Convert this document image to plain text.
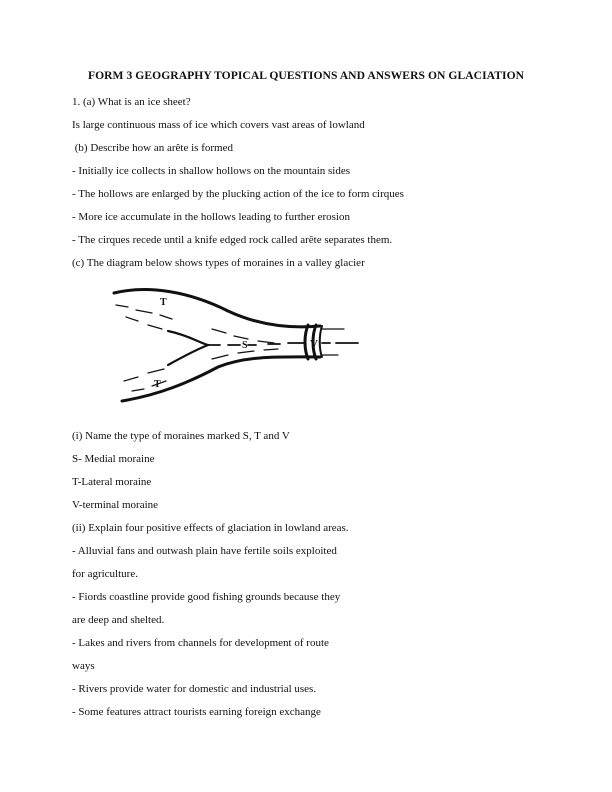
FORM 3 GEOGRAPHY TOPICAL QUESTIONS AND ANSWERS ON GLACIATION
1. (a) What is an ice sheet?
Is large continuous mass of ice which covers vast areas of lowland
(b) Describe how an arête is formed
- Initially ice collects in shallow hollows on the mountain sides
- The hollows are enlarged by the plucking action of the ice to form cirques
- More ice accumulate in the hollows leading to further erosion
- The cirques recede until a knife edged rock called arête separates them.
(c) The diagram below shows types of moraines in a valley glacier
T
S	V
T
(i) Name the type of moraines marked S, T and V
S- Medial moraine
T-Lateral moraine
V-terminal moraine
(ii) Explain four positive effects of glaciation in lowland areas.
- Alluvial fans and outwash plain have fertile soils exploited
for agriculture.
- Fiords coastline provide good fishing grounds because they
are deep and shelted.
- Lakes and rivers from channels for development of route
ways
- Rivers provide water for domestic and industrial uses.
- Some features attract tourists earning foreign exchange
